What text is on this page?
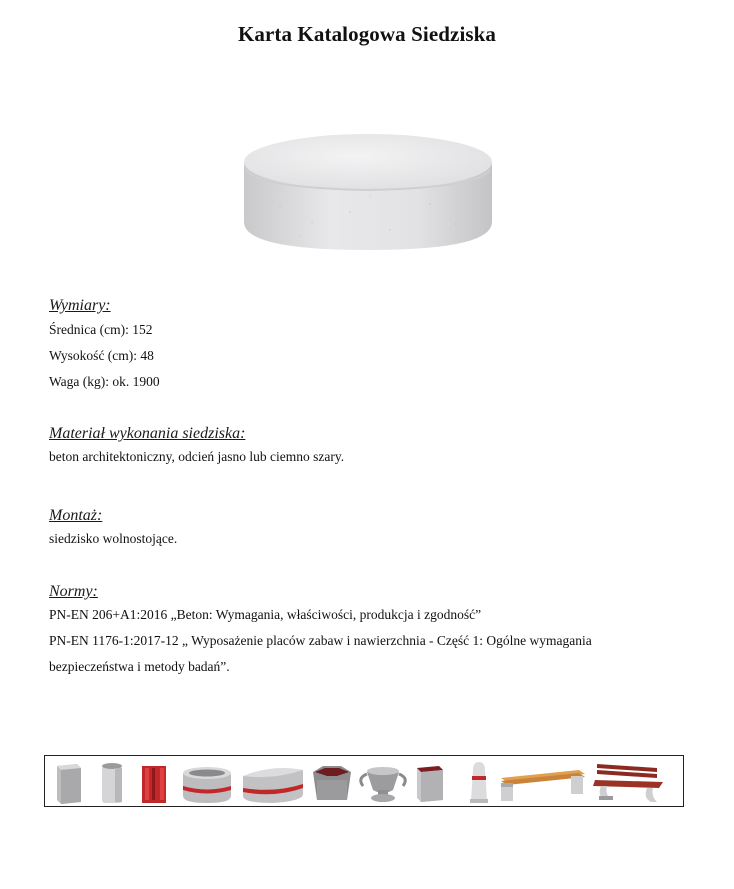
Karta Katalogowa Siedziska
Wymiary:
Średnica (cm): 152
Wysokość (cm): 48
Waga (kg): ok. 1900
Materiał wykonania siedziska:
beton architektoniczny, odcień jasno lub ciemno szary.
Montaż:
siedzisko wolnostojące.
Normy:
PN-EN 206+A1:2016 „Beton: Wymagania, właściwości, produkcja i zgodność”
PN-EN 1176-1:2017-12 „ Wyposażenie placów zabaw i nawierzchnia - Część 1: Ogólne wymagania
bezpieczeństwa i metody badań”.
